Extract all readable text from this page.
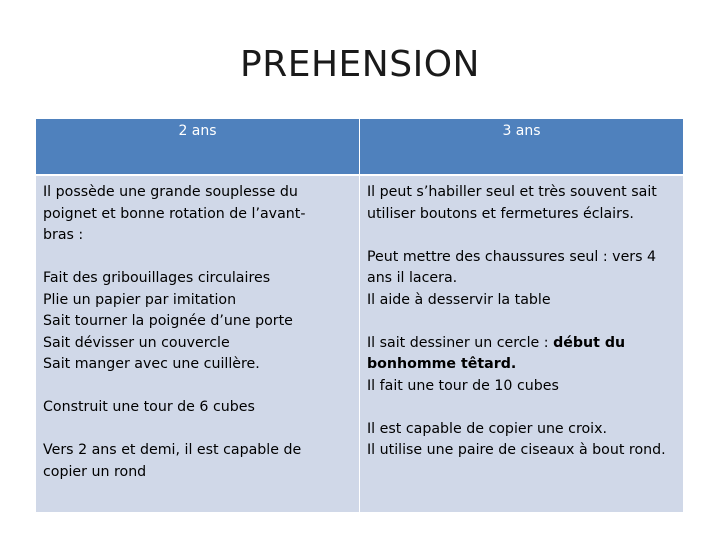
PREHENSION
2 ans	3 ans
Il possède une grande souplesse du
poignet et bonne rotation de l’avant-
bras :
Fait des gribouillages circulaires
Plie un papier par imitation
Sait tourner la poignée d’une porte
Sait dévisser un couvercle
Sait manger avec une cuillère.
Construit une tour de 6 cubes
Vers 2 ans et demi, il est capable de
copier un rond
Il peut s’habiller seul et très souvent sait
utiliser boutons et fermetures éclairs.
Peut mettre des chaussures seul : vers 4
ans il lacera.
Il aide à desservir la table
Il sait dessiner un cercle : début du
bonhomme têtard.
Il fait une tour de 10 cubes
Il est capable de copier une croix.
Il utilise une paire de ciseaux à bout rond.
